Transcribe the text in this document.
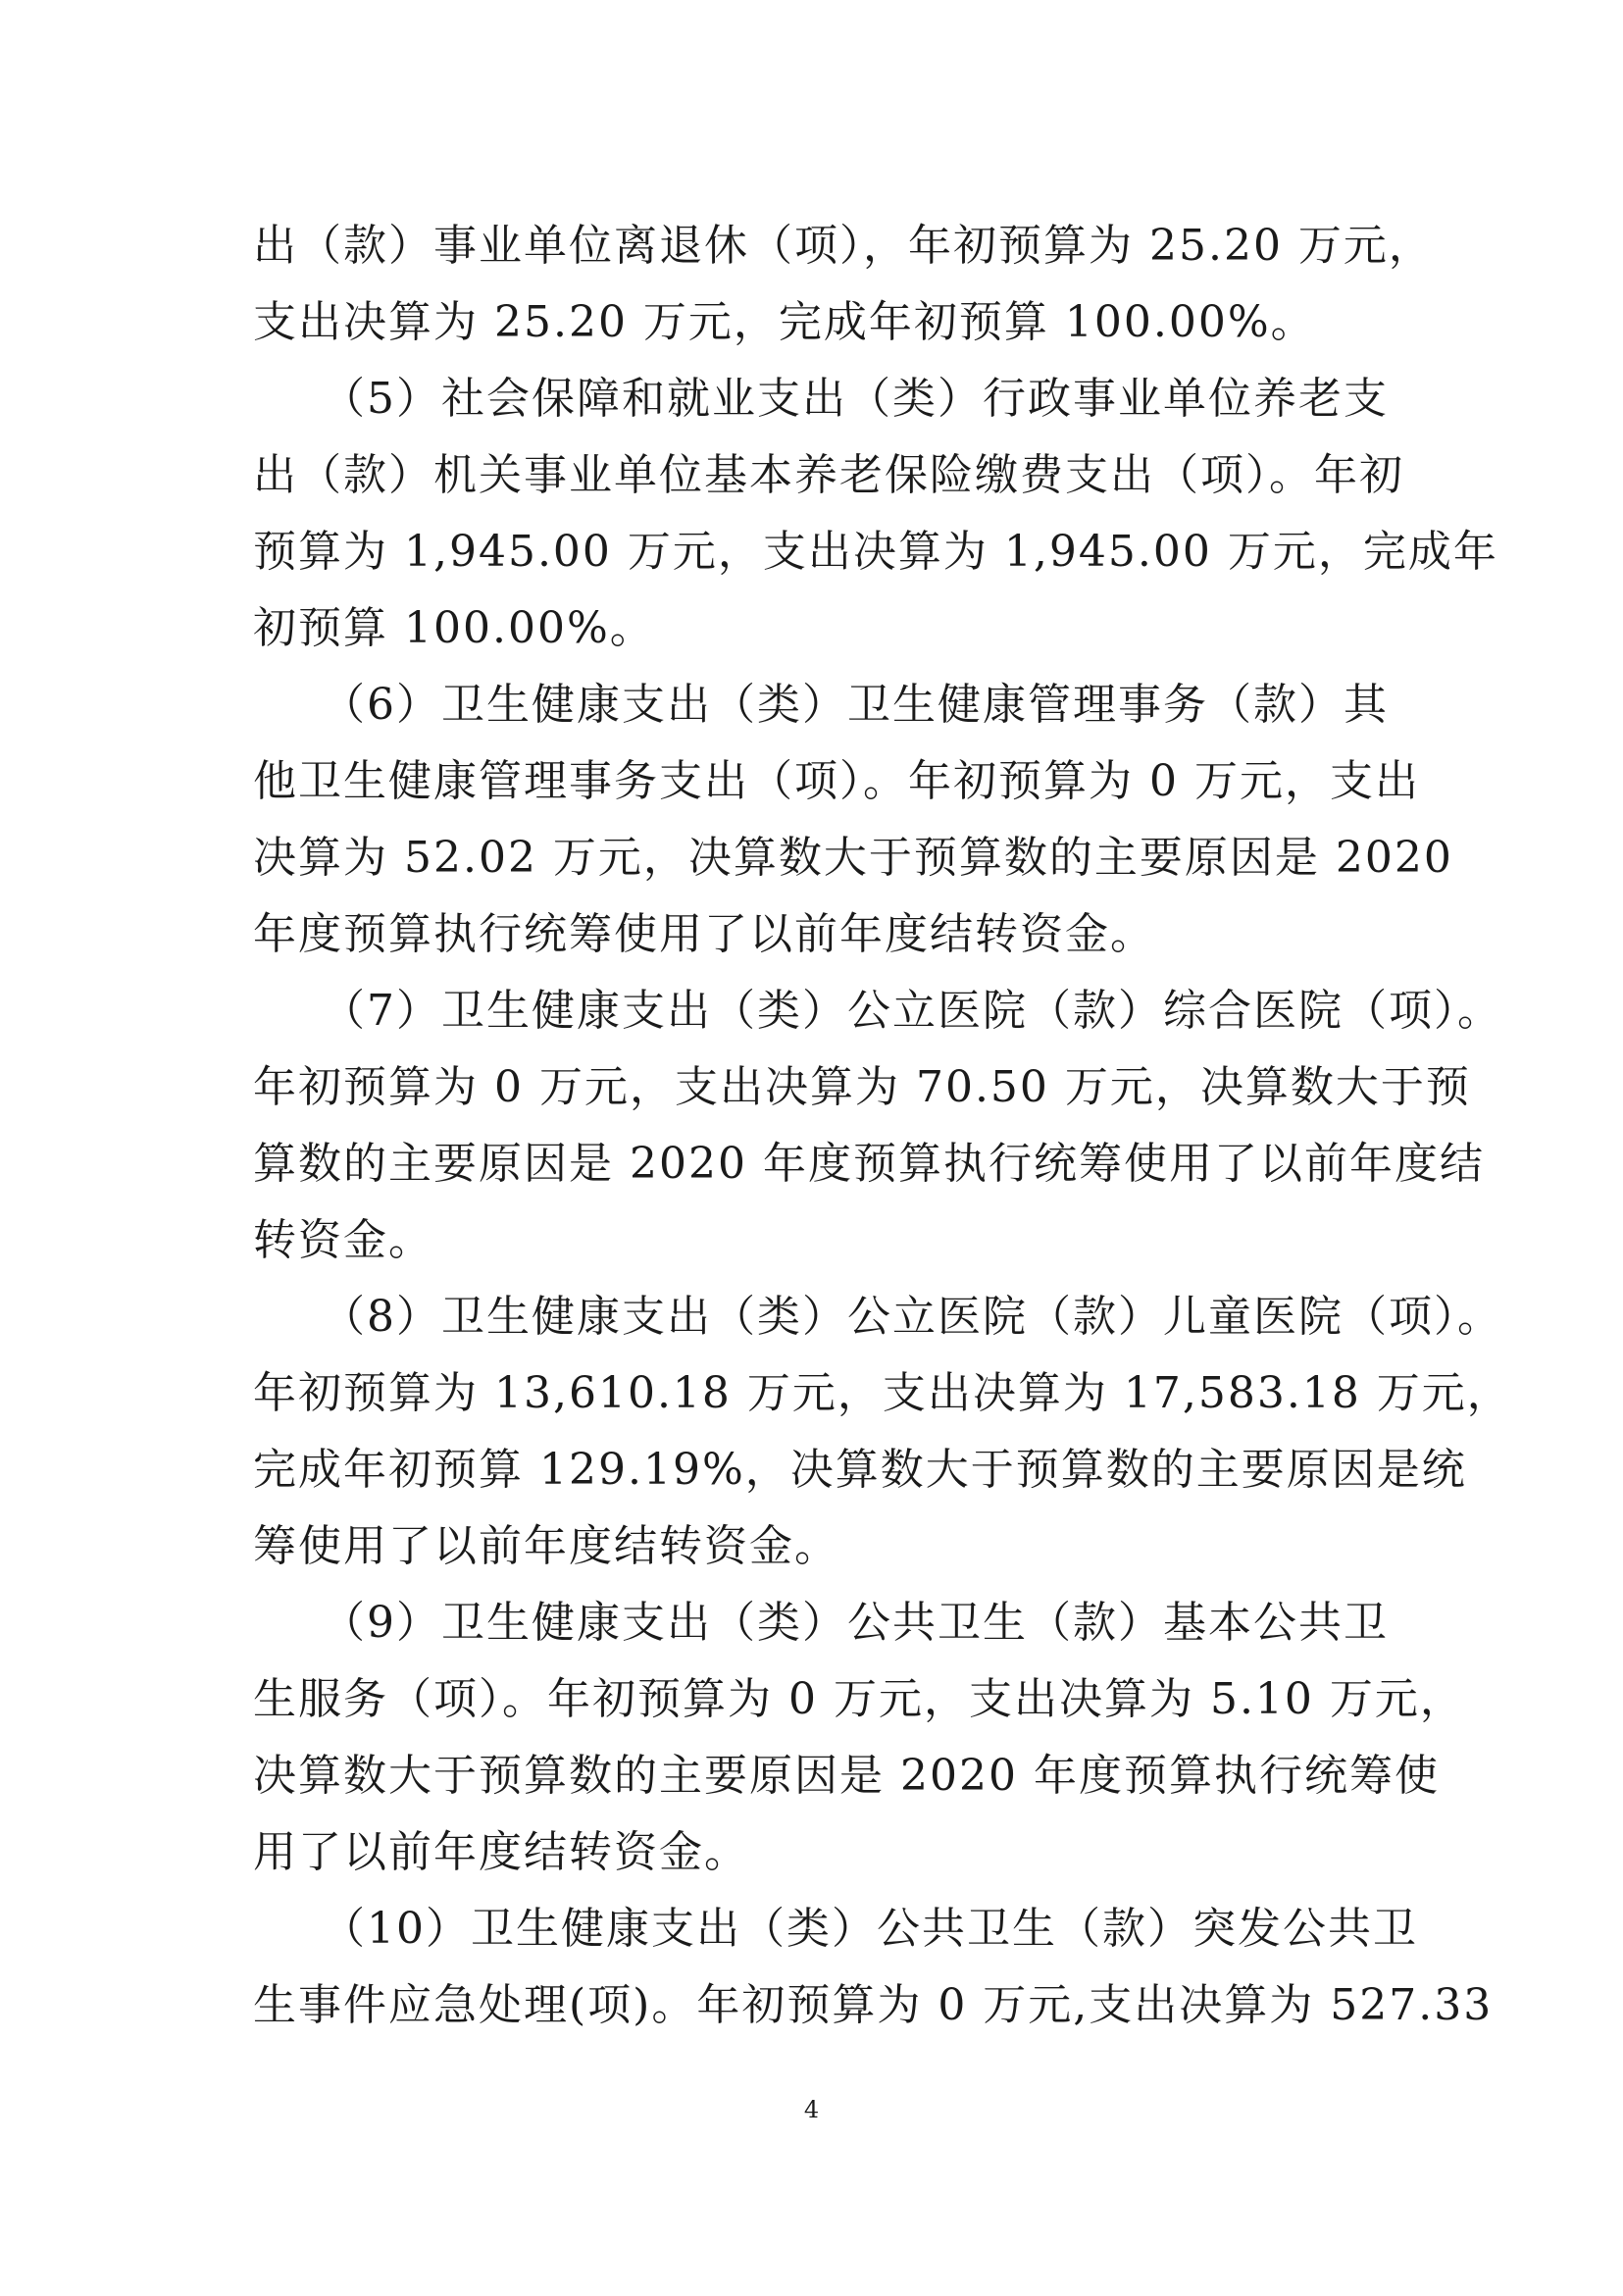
出（款）事业单位离退休（项），年初预算为 25.20 万元，
支出决算为 25.20 万元，完成年初预算 100.00%。
　　（5）社会保障和就业支出（类）行政事业单位养老支
出（款）机关事业单位基本养老保险缴费支出（项）。年初
预算为 1,945.00 万元，支出决算为 1,945.00 万元，完成年
初预算 100.00%。
　　（6）卫生健康支出（类）卫生健康管理事务（款）其
他卫生健康管理事务支出（项）。年初预算为 0 万元，支出
决算为 52.02 万元，决算数大于预算数的主要原因是 2020
年度预算执行统筹使用了以前年度结转资金。
　　（7）卫生健康支出（类）公立医院（款）综合医院（项）。
年初预算为 0 万元，支出决算为 70.50 万元，决算数大于预
算数的主要原因是 2020 年度预算执行统筹使用了以前年度结
转资金。
　　（8）卫生健康支出（类）公立医院（款）儿童医院（项）。
年初预算为 13,610.18 万元，支出决算为 17,583.18 万元，
完成年初预算 129.19%，决算数大于预算数的主要原因是统
筹使用了以前年度结转资金。
　　（9）卫生健康支出（类）公共卫生（款）基本公共卫
生服务（项）。年初预算为 0 万元，支出决算为 5.10 万元，
决算数大于预算数的主要原因是 2020 年度预算执行统筹使
用了以前年度结转资金。
　　（10）卫生健康支出（类）公共卫生（款）突发公共卫
生事件应急处理(项)。年初预算为 0 万元,支出决算为 527.33
4
